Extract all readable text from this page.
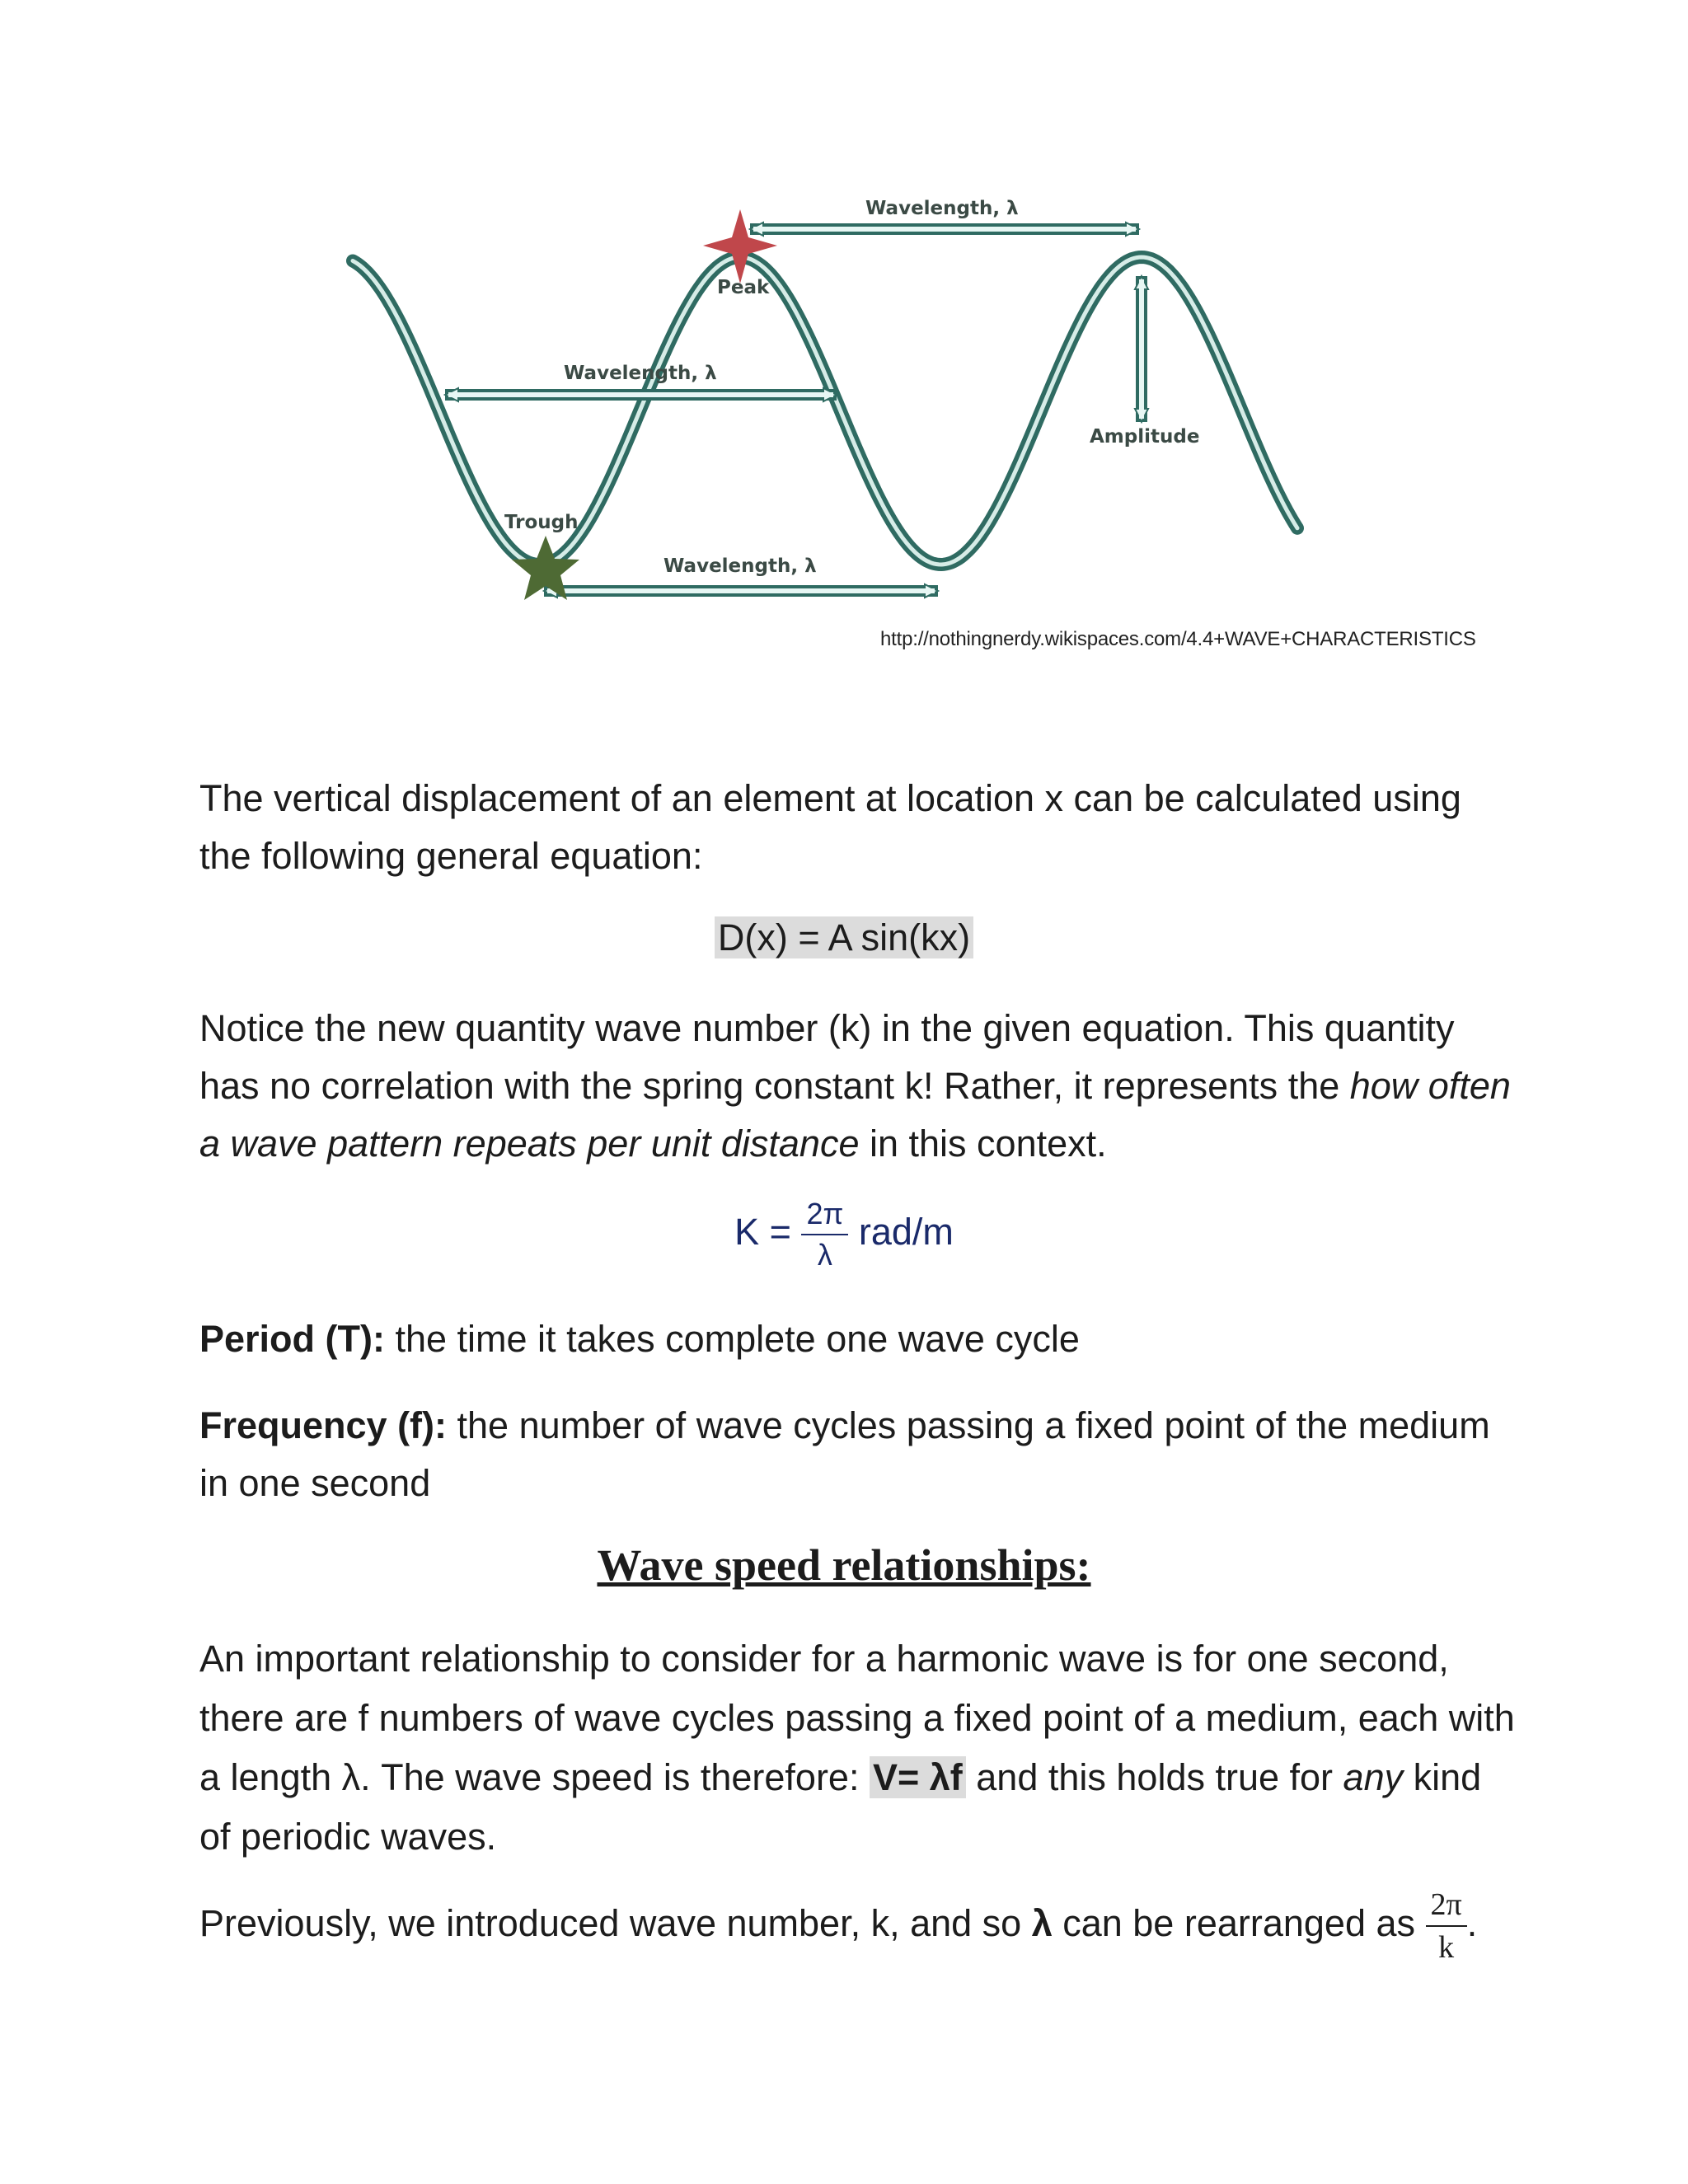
Wavelength, λ
Peak
Wavelength, λ
Amplitude
Trough
Wavelength, λ
http://nothingnerdy.wikispaces.com/4.4+WAVE+CHARACTERISTICS

The vertical displacement of an element at location x can be calculated using the following general equation:

D(x) = A sin(kx)

Notice the new quantity wave number (k) in the given equation. This quantity has no correlation with the spring constant k! Rather, it represents the how often a wave pattern repeats per unit distance in this context.

$K = \frac{2\pi}{\lambda} rad/m$

Period (T): the time it takes complete one wave cycle

Frequency (f): the number of wave cycles passing a fixed point of the medium in one second

Wave speed relationships:

An important relationship to consider for a harmonic wave is for one second, there are f numbers of wave cycles passing a fixed point of a medium, each with a length λ. The wave speed is therefore: V= λf and this holds true for any kind of periodic waves.

Previously, we introduced wave number, k, and so λ can be rearranged as $\frac{2\pi}{k}$ .
